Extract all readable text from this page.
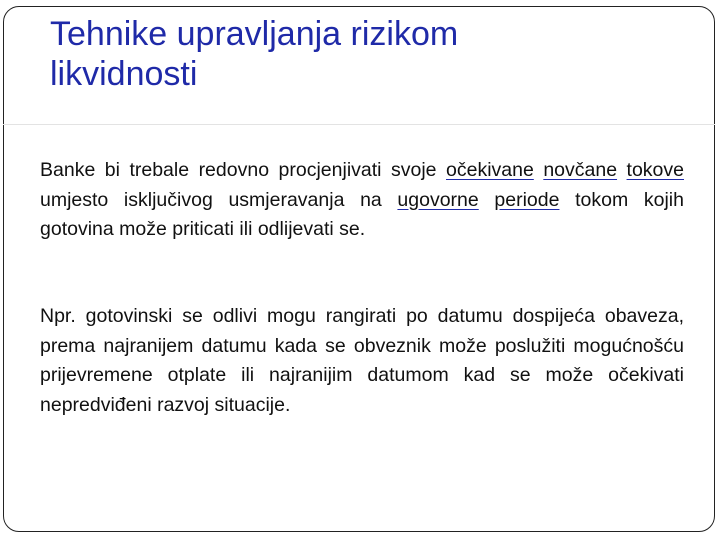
Tehnike upravljanja rizikom
likvidnosti

Banke bi trebale redovno procjenjivati svoje očekivane novčane tokove umjesto isključivog usmjeravanja na ugovorne periode tokom kojih gotovina može priticati ili odlijevati se.

Npr. gotovinski se odlivi mogu rangirati po datumu dospijeća obaveza, prema najranijem datumu kada se obveznik može poslužiti mogućnošću prijevremene otplate ili najranijim datumom kad se može očekivati nepredviđeni razvoj situacije.
